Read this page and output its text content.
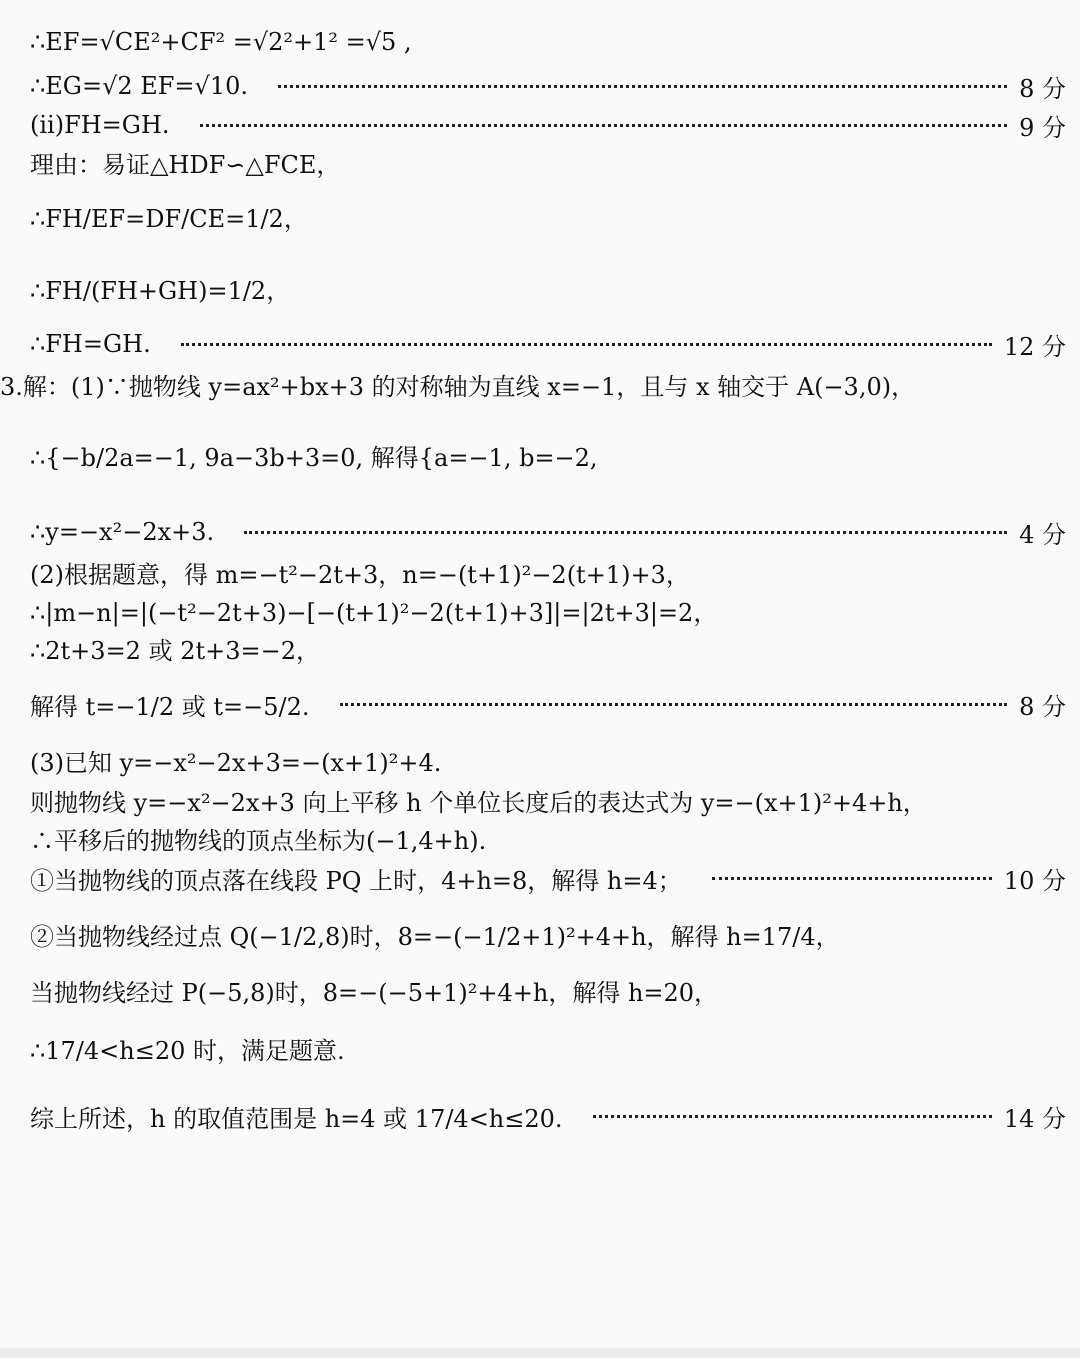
∴EF=√CE²+CF² =√2²+1² =√5 ,
∴EG=√2 EF=√10.	8 分
(ⅱ)FH=GH.	9 分
理由：易证△HDF∽△FCE，
∴FH/EF=DF/CE=1/2，
∴FH/(FH+GH)=1/2，
∴FH=GH.	12 分
3.解：(1)∵抛物线 y=ax²+bx+3 的对称轴为直线 x=−1，且与 x 轴交于 A(−3,0)，
∴{−b/2a=−1, 9a−3b+3=0, 解得{a=−1, b=−2,
∴y=−x²−2x+3.	4 分
(2)根据题意，得 m=−t²−2t+3，n=−(t+1)²−2(t+1)+3，
∴|m−n|=|(−t²−2t+3)−[−(t+1)²−2(t+1)+3]|=|2t+3|=2，
∴2t+3=2 或 2t+3=−2，
解得 t=−1/2 或 t=−5/2.	8 分
(3)已知 y=−x²−2x+3=−(x+1)²+4.
则抛物线 y=−x²−2x+3 向上平移 h 个单位长度后的表达式为 y=−(x+1)²+4+h，
∴平移后的抛物线的顶点坐标为(−1,4+h).
①当抛物线的顶点落在线段 PQ 上时，4+h=8，解得 h=4；	10 分
②当抛物线经过点 Q(−1/2,8)时，8=−(−1/2+1)²+4+h，解得 h=17/4，
当抛物线经过 P(−5,8)时，8=−(−5+1)²+4+h，解得 h=20，
∴17/4<h≤20 时，满足题意.
综上所述，h 的取值范围是 h=4 或 17/4<h≤20.	14 分
